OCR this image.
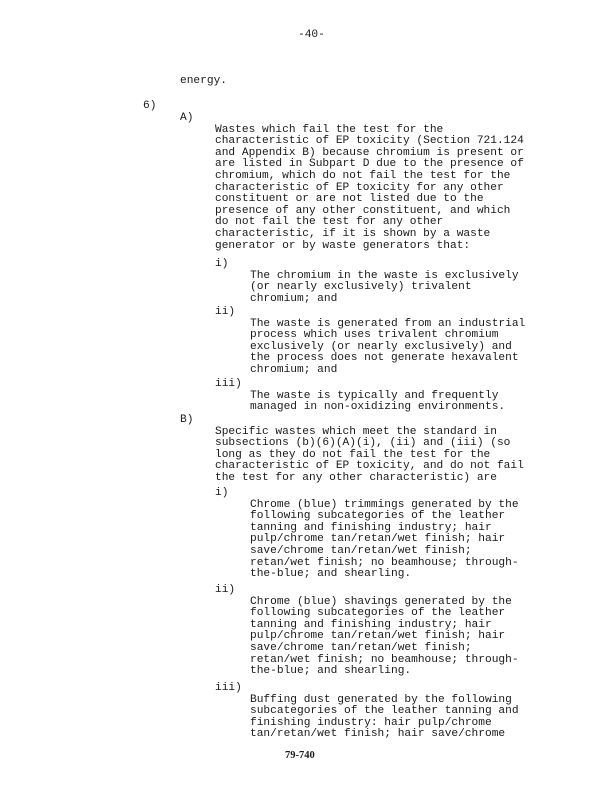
-40-
energy.
6)
A)

Wastes which fail the test for the
characteristic of EP toxicity (Section 721.124
and Appendix B) because chromium is present or
are listed in Subpart D due to the presence of
chromium, which do not fail the test for the
characteristic of EP toxicity for any other
constituent or are not listed due to the
presence of any other constituent, and which
do not fail the test for any other
characteristic, if it is shown by a waste
generator or by waste generators that:

i)

The chromium in the waste is exclusively
(or nearly exclusively) trivalent
chromium; and

ii)

The waste is generated from an industrial
process which uses trivalent chromium
exclusively (or nearly exclusively) and
the process does not generate hexavalent
chromium; and

iii)

The waste is typically and frequently
managed in non-oxidizing environments.

B)

Specific wastes which meet the standard in
subsections (b)(6)(A)(i), (ii) and (iii) (so
long as they do not fail the test for the
characteristic of EP toxicity, and do not fail
the test for any other characteristic) are

i)

Chrome (blue) trimmings generated by the
following subcategories of the leather
tanning and finishing industry; hair
pulp/chrome tan/retan/wet finish; hair
save/chrome tan/retan/wet finish;
retan/wet finish; no beamhouse; through-
the-blue; and shearling.

ii)

Chrome (blue) shavings generated by the
following subcategories of the leather
tanning and finishing industry; hair
pulp/chrome tan/retan/wet finish; hair
save/chrome tan/retan/wet finish;
retan/wet finish; no beamhouse; through-
the-blue; and shearling.

iii)

Buffing dust generated by the following
subcategories of the leather tanning and
finishing industry: hair pulp/chrome
tan/retan/wet finish; hair save/chrome

79-740
